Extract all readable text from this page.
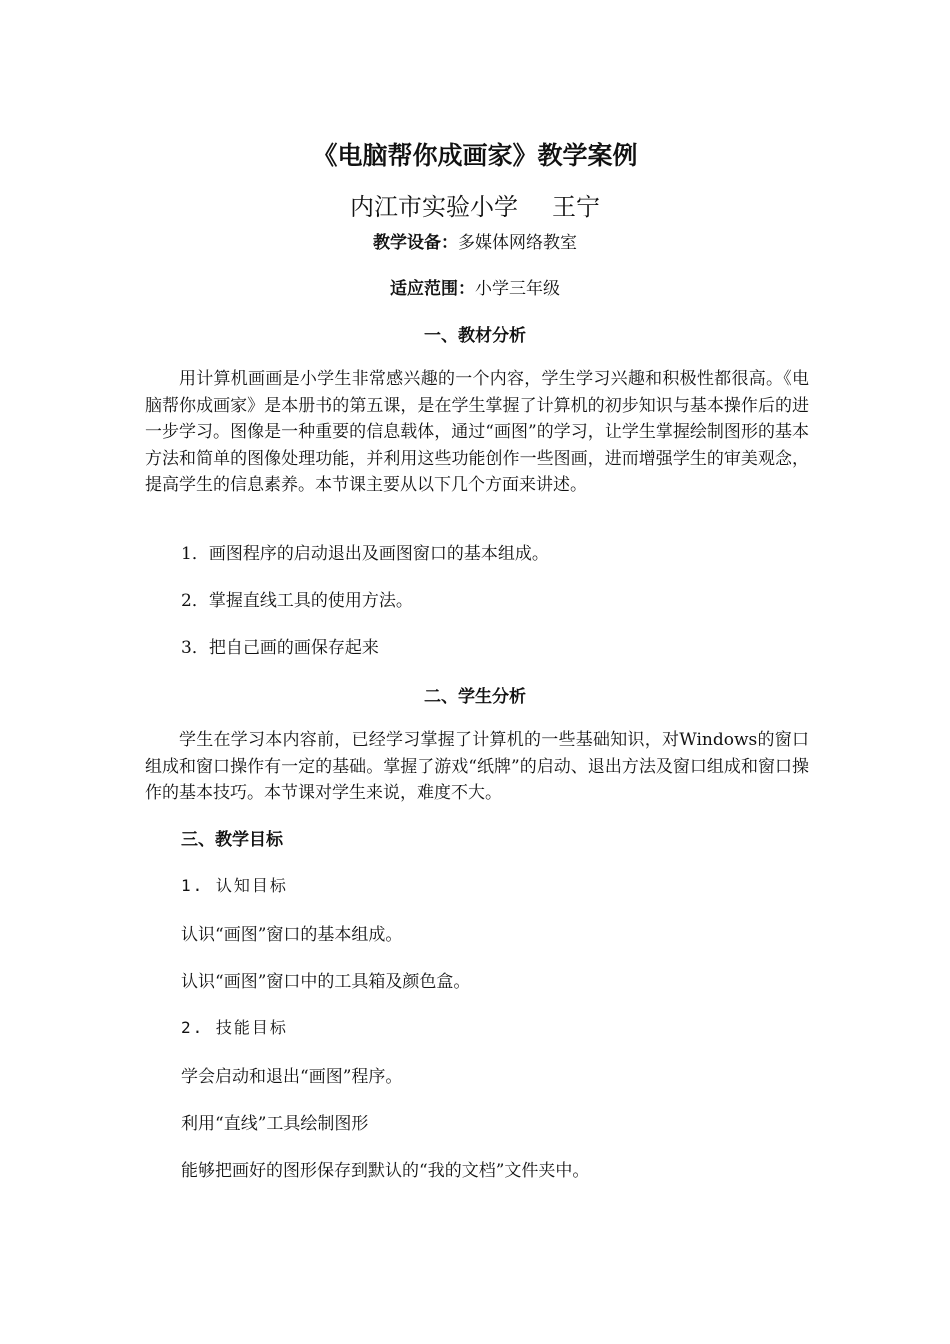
《电脑帮你成画家》教学案例
内江市实验小学 王宁
教学设备：多媒体网络教室
适应范围：小学三年级
一、教材分析

用计算机画画是小学生非常感兴趣的一个内容，学生学习兴趣和积极性都很高。《电脑帮你成画家》是本册书的第五课，是在学生掌握了计算机的初步知识与基本操作后的进一步学习。图像是一种重要的信息载体，通过“画图”的学习，让学生掌握绘制图形的基本方法和简单的图像处理功能，并利用这些功能创作一些图画，进而增强学生的审美观念，提高学生的信息素养。本节课主要从以下几个方面来讲述。

1．画图程序的启动退出及画图窗口的基本组成。
2．掌握直线工具的使用方法。
3．把自己画的画保存起来
二、学生分析

学生在学习本内容前，已经学习掌握了计算机的一些基础知识，对Windows的窗口组成和窗口操作有一定的基础。掌握了游戏“纸牌”的启动、退出方法及窗口组成和窗口操作的基本技巧。本节课对学生来说，难度不大。

三、教学目标
1. 认知目标
认识“画图”窗口的基本组成。
认识“画图”窗口中的工具箱及颜色盒。
2. 技能目标
学会启动和退出“画图”程序。
利用“直线”工具绘制图形
能够把画好的图形保存到默认的“我的文档”文件夹中。
